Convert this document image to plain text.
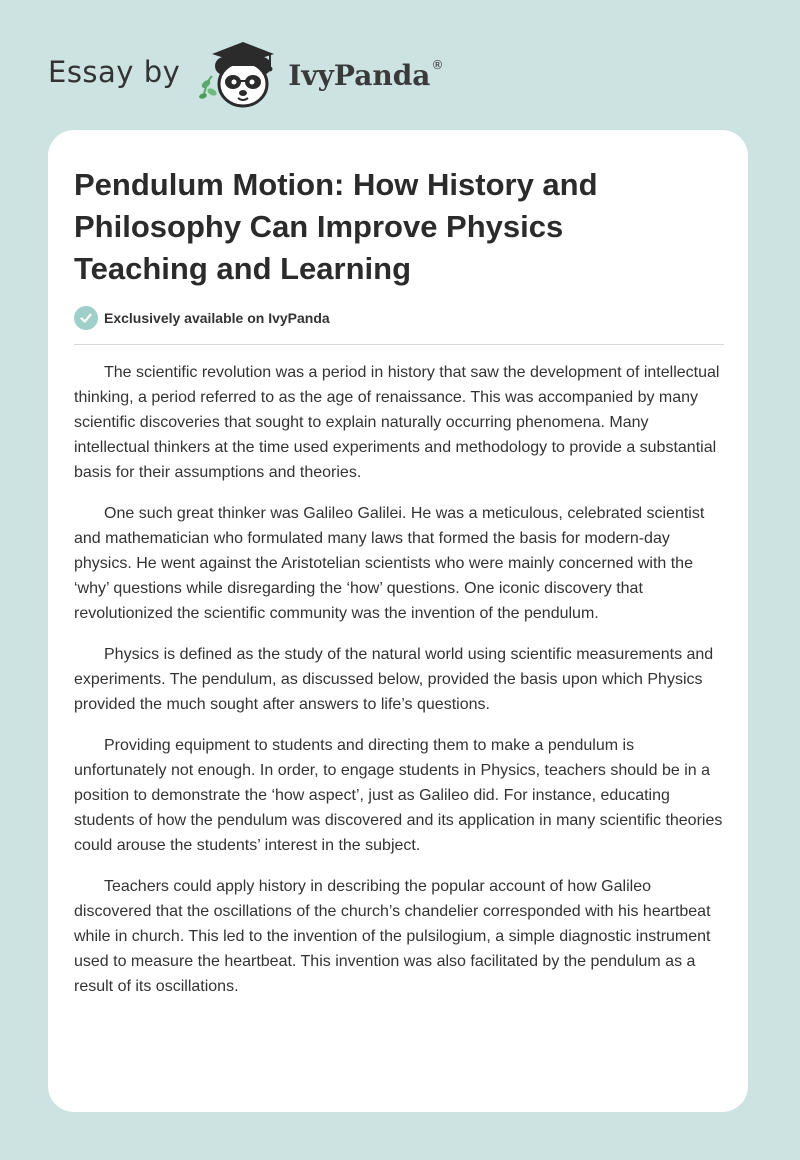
Essay by	IvyPanda ®
Pendulum Motion: How History and Philosophy Can Improve Physics Teaching and Learning
Exclusively available on IvyPanda

The scientific revolution was a period in history that saw the development of intellectual thinking, a period referred to as the age of renaissance. This was accompanied by many scientific discoveries that sought to explain naturally occurring phenomena. Many intellectual thinkers at the time used experiments and methodology to provide a substantial basis for their assumptions and theories.

One such great thinker was Galileo Galilei. He was a meticulous, celebrated scientist and mathematician who formulated many laws that formed the basis for modern-day physics. He went against the Aristotelian scientists who were mainly concerned with the ‘why’ questions while disregarding the ‘how’ questions. One iconic discovery that revolutionized the scientific community was the invention of the pendulum.

Physics is defined as the study of the natural world using scientific measurements and experiments. The pendulum, as discussed below, provided the basis upon which Physics provided the much sought after answers to life’s questions.

Providing equipment to students and directing them to make a pendulum is unfortunately not enough. In order, to engage students in Physics, teachers should be in a position to demonstrate the ‘how aspect’, just as Galileo did. For instance, educating students of how the pendulum was discovered and its application in many scientific theories could arouse the students’ interest in the subject.

Teachers could apply history in describing the popular account of how Galileo discovered that the oscillations of the church’s chandelier corresponded with his heartbeat while in church. This led to the invention of the pulsilogium, a simple diagnostic instrument used to measure the heartbeat. This invention was also facilitated by the pendulum as a result of its oscillations.
